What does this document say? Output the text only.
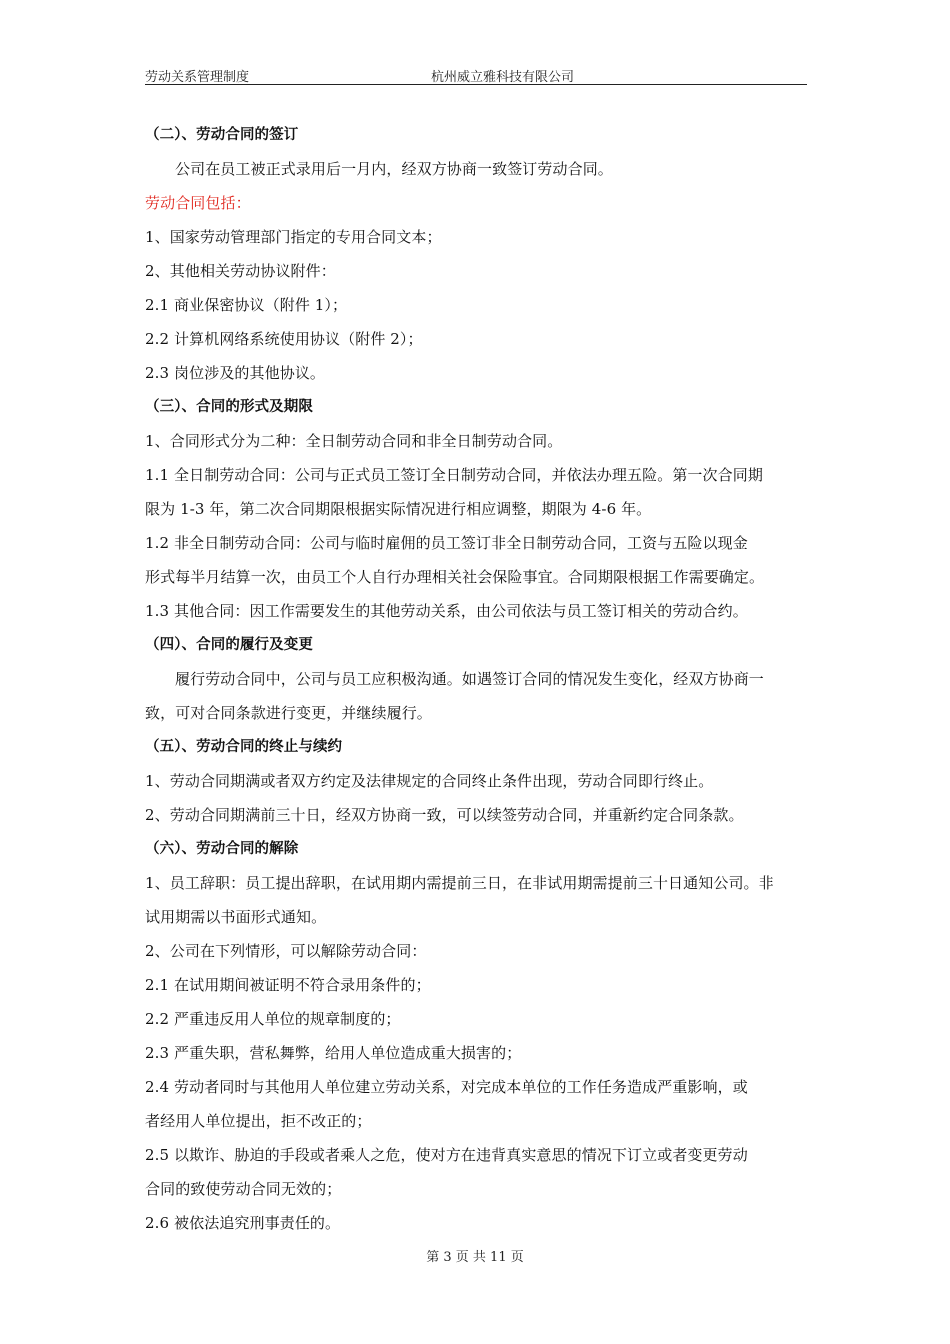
劳动关系管理制度	杭州威立雅科技有限公司
（二）、劳动合同的签订
公司在员工被正式录用后一月内，经双方协商一致签订劳动合同。
劳动合同包括：
1、国家劳动管理部门指定的专用合同文本；
2、其他相关劳动协议附件：
2.1 商业保密协议（附件 1）；
2.2 计算机网络系统使用协议（附件 2）；
2.3 岗位涉及的其他协议。
（三）、合同的形式及期限
1、合同形式分为二种：全日制劳动合同和非全日制劳动合同。
1.1 全日制劳动合同：公司与正式员工签订全日制劳动合同，并依法办理五险。第一次合同期
限为 1-3 年，第二次合同期限根据实际情况进行相应调整，期限为 4-6 年。
1.2 非全日制劳动合同：公司与临时雇佣的员工签订非全日制劳动合同，工资与五险以现金
形式每半月结算一次，由员工个人自行办理相关社会保险事宜。合同期限根据工作需要确定。
1.3 其他合同：因工作需要发生的其他劳动关系，由公司依法与员工签订相关的劳动合约。
（四）、合同的履行及变更
履行劳动合同中，公司与员工应积极沟通。如遇签订合同的情况发生变化，经双方协商一
致，可对合同条款进行变更，并继续履行。
（五）、劳动合同的终止与续约
1、劳动合同期满或者双方约定及法律规定的合同终止条件出现，劳动合同即行终止。
2、劳动合同期满前三十日，经双方协商一致，可以续签劳动合同，并重新约定合同条款。
（六）、劳动合同的解除
1、员工辞职：员工提出辞职，在试用期内需提前三日，在非试用期需提前三十日通知公司。非
试用期需以书面形式通知。
2、公司在下列情形，可以解除劳动合同：
2.1 在试用期间被证明不符合录用条件的；
2.2 严重违反用人单位的规章制度的；
2.3 严重失职，营私舞弊，给用人单位造成重大损害的；
2.4 劳动者同时与其他用人单位建立劳动关系，对完成本单位的工作任务造成严重影响，或
者经用人单位提出，拒不改正的；
2.5 以欺诈、胁迫的手段或者乘人之危，使对方在违背真实意思的情况下订立或者变更劳动
合同的致使劳动合同无效的；
2.6 被依法追究刑事责任的。
第 3 页 共 11 页
